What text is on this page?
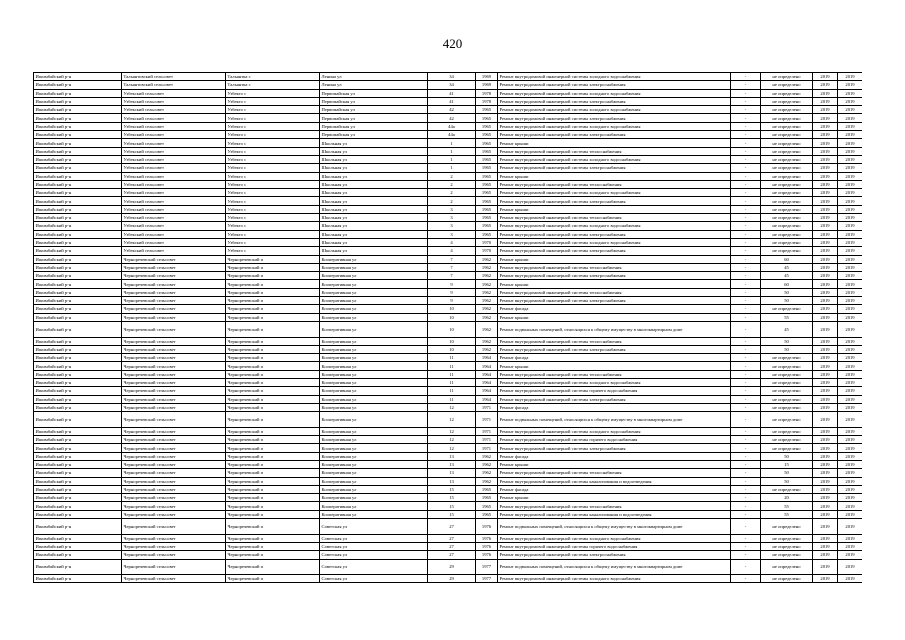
420
Ишимбайский р-н	Тальянтовский сельсовет	Тальянтка с	Ленина ул	34	1969	Ремонт внутридомовой инженерной системы холодного водоснабжения	-	не определено	2019	2019
Ишимбайский р-н	Тальянтовский сельсовет	Тальянтка с	Ленина ул	34	1969	Ремонт внутридомовой инженерной системы электроснабжения	-	не определено	2019	2019
Ишимбайский р-н	Узбекский сельсовет	Узбекто с	Первомайская ул	41	1978	Ремонт внутридомовой инженерной системы холодного водоснабжения	-	не определено	2019	2019
Ишимбайский р-н	Узбекский сельсовет	Узбекто с	Первомайская ул	41	1978	Ремонт внутридомовой инженерной системы электроснабжения	-	не определено	2019	2019
Ишимбайский р-н	Узбекский сельсовет	Узбекто с	Первомайская ул	42	1965	Ремонт внутридомовой инженерной системы холодного водоснабжения	-	не определено	2019	2019
Ишимбайский р-н	Узбекский сельсовет	Узбекто с	Первомайская ул	42	1965	Ремонт внутридомовой инженерной системы электроснабжения	-	не определено	2019	2019
Ишимбайский р-н	Узбекский сельсовет	Узбекто с	Первомайская ул	44а	1965	Ремонт внутридомовой инженерной системы холодного водоснабжения	-	не определено	2019	2019
Ишимбайский р-н	Узбекский сельсовет	Узбекто с	Первомайская ул	44а	1965	Ремонт внутридомовой инженерной системы электроснабжения	-	не определено	2019	2019
Ишимбайский р-н	Узбекский сельсовет	Узбекто с	Школьная ул	1	1965	Ремонт крыши	-	не определено	2019	2019
Ишимбайский р-н	Узбекский сельсовет	Узбекто с	Школьная ул	1	1965	Ремонт внутридомовой инженерной системы теплоснабжения	-	не определено	2019	2019
Ишимбайский р-н	Узбекский сельсовет	Узбекто с	Школьная ул	1	1965	Ремонт внутридомовой инженерной системы холодного водоснабжения	-	не определено	2019	2019
Ишимбайский р-н	Узбекский сельсовет	Узбекто с	Школьная ул	1	1965	Ремонт внутридомовой инженерной системы электроснабжения	-	не определено	2019	2019
Ишимбайский р-н	Узбекский сельсовет	Узбекто с	Школьная ул	2	1965	Ремонт крыши	-	не определено	2019	2019
Ишимбайский р-н	Узбекский сельсовет	Узбекто с	Школьная ул	2	1965	Ремонт внутридомовой инженерной системы теплоснабжения	-	не определено	2019	2019
Ишимбайский р-н	Узбекский сельсовет	Узбекто с	Школьная ул	2	1965	Ремонт внутридомовой инженерной системы холодного водоснабжения	-	не определено	2019	2019
Ишимбайский р-н	Узбекский сельсовет	Узбекто с	Школьная ул	2	1965	Ремонт внутридомовой инженерной системы электроснабжения	-	не определено	2019	2019
Ишимбайский р-н	Узбекский сельсовет	Узбекто с	Школьная ул	3	1965	Ремонт крыши	-	не определено	2019	2019
Ишимбайский р-н	Узбекский сельсовет	Узбекто с	Школьная ул	3	1965	Ремонт внутридомовой инженерной системы теплоснабжения	-	не определено	2019	2019
Ишимбайский р-н	Узбекский сельсовет	Узбекто с	Школьная ул	3	1965	Ремонт внутридомовой инженерной системы холодного водоснабжения	-	не определено	2019	2019
Ишимбайский р-н	Узбекский сельсовет	Узбекто с	Школьная ул	3	1965	Ремонт внутридомовой инженерной системы электроснабжения	-	не определено	2019	2019
Ишимбайский р-н	Узбекский сельсовет	Узбекто с	Школьная ул	4	1970	Ремонт внутридомовой инженерной системы холодного водоснабжения	-	не определено	2019	2019
Ишимбайский р-н	Узбекский сельсовет	Узбекто с	Школьная ул	4	1970	Ремонт внутридомовой инженерной системы электроснабжения	-	не определено	2019	2019
Ишимбайский р-н	Черноречевский сельсовет	Черноречевский п	Кооперативная ул	7	1962	Ремонт крыши	-	60	2019	2019
Ишимбайский р-н	Черноречевский сельсовет	Черноречевский п	Кооперативная ул	7	1962	Ремонт внутридомовой инженерной системы теплоснабжения	-	45	2019	2019
Ишимбайский р-н	Черноречевский сельсовет	Черноречевский п	Кооперативная ул	7	1962	Ремонт внутридомовой инженерной системы электроснабжения	-	45	2019	2019
Ишимбайский р-н	Черноречевский сельсовет	Черноречевский п	Кооперативная ул	9	1962	Ремонт крыши	-	60	2019	2019
Ишимбайский р-н	Черноречевский сельсовет	Черноречевский п	Кооперативная ул	9	1962	Ремонт внутридомовой инженерной системы теплоснабжения	-	50	2019	2019
Ишимбайский р-н	Черноречевский сельсовет	Черноречевский п	Кооперативная ул	9	1962	Ремонт внутридомовой инженерной системы электроснабжения	-	50	2019	2019
Ишимбайский р-н	Черноречевский сельсовет	Черноречевский п	Кооперативная ул	10	1962	Ремонт фасада	-	не определено	2019	2019
Ишимбайский р-н	Черноречевский сельсовет	Черноречевский п	Кооперативная ул	10	1962	Ремонт крыши	-	55	2019	2019
Ишимбайский р-н	Черноречевский сельсовет	Черноречевский п	Кооперативная ул	10	1962	Ремонт подвальных помещений, относящихся к общему имуществу в многоквартирном доме	-	45	2019	2019
Ишимбайский р-н	Черноречевский сельсовет	Черноречевский п	Кооперативная ул	10	1962	Ремонт внутридомовой инженерной системы теплоснабжения	-	50	2019	2019
Ишимбайский р-н	Черноречевский сельсовет	Черноречевский п	Кооперативная ул	10	1962	Ремонт внутридомовой инженерной системы электроснабжения	-	50	2019	2019
Ишимбайский р-н	Черноречевский сельсовет	Черноречевский п	Кооперативная ул	11	1964	Ремонт фасада	-	не определено	2019	2019
Ишимбайский р-н	Черноречевский сельсовет	Черноречевский п	Кооперативная ул	11	1964	Ремонт крыши	-	не определено	2019	2019
Ишимбайский р-н	Черноречевский сельсовет	Черноречевский п	Кооперативная ул	11	1964	Ремонт внутридомовой инженерной системы теплоснабжения	-	не определено	2019	2019
Ишимбайский р-н	Черноречевский сельсовет	Черноречевский п	Кооперативная ул	11	1964	Ремонт внутридомовой инженерной системы холодного водоснабжения	-	не определено	2019	2019
Ишимбайский р-н	Черноречевский сельсовет	Черноречевский п	Кооперативная ул	11	1964	Ремонт внутридомовой инженерной системы горячего водоснабжения	-	не определено	2019	2019
Ишимбайский р-н	Черноречевский сельсовет	Черноречевский п	Кооперативная ул	11	1964	Ремонт внутридомовой инженерной системы электроснабжения	-	не определено	2019	2019
Ишимбайский р-н	Черноречевский сельсовет	Черноречевский п	Кооперативная ул	12	1971	Ремонт фасада	-	не определено	2019	2019
Ишимбайский р-н	Черноречевский сельсовет	Черноречевский п	Кооперативная ул	12	1971	Ремонт подвальных помещений, относящихся к общему имуществу в многоквартирном доме	-	не определено	2019	2019
Ишимбайский р-н	Черноречевский сельсовет	Черноречевский п	Кооперативная ул	12	1971	Ремонт внутридомовой инженерной системы холодного водоснабжения	-	не определено	2019	2019
Ишимбайский р-н	Черноречевский сельсовет	Черноречевский п	Кооперативная ул	12	1971	Ремонт внутридомовой инженерной системы горячего водоснабжения	-	не определено	2019	2019
Ишимбайский р-н	Черноречевский сельсовет	Черноречевский п	Кооперативная ул	12	1971	Ремонт внутридомовой инженерной системы электроснабжения	-	не определено	2019	2019
Ишимбайский р-н	Черноречевский сельсовет	Черноречевский п	Кооперативная ул	13	1962	Ремонт фасада	-	50	2019	2019
Ишимбайский р-н	Черноречевский сельсовет	Черноречевский п	Кооперативная ул	13	1962	Ремонт крыши	-	15	2019	2019
Ишимбайский р-н	Черноречевский сельсовет	Черноречевский п	Кооперативная ул	13	1962	Ремонт внутридомовой инженерной системы теплоснабжения	-	50	2019	2019
Ишимбайский р-н	Черноречевский сельсовет	Черноречевский п	Кооперативная ул	13	1962	Ремонт внутридомовой инженерной системы канализования и водоотведения	-	50	2019	2019
Ишимбайский р-н	Черноречевский сельсовет	Черноречевский п	Кооперативная ул	15	1965	Ремонт фасада	-	не определено	2019	2019
Ишимбайский р-н	Черноречевский сельсовет	Черноречевский п	Кооперативная ул	15	1965	Ремонт крыши	-	20	2019	2019
Ишимбайский р-н	Черноречевский сельсовет	Черноречевский п	Кооперативная ул	15	1965	Ремонт внутридомовой инженерной системы теплоснабжения	-	55	2019	2019
Ишимбайский р-н	Черноречевский сельсовет	Черноречевский п	Кооперативная ул	15	1965	Ремонт внутридомовой инженерной системы канализования и водоотведения	-	55	2019	2019
Ишимбайский р-н	Черноречевский сельсовет	Черноречевский п	Советская ул	27	1976	Ремонт подвальных помещений, относящихся к общему имуществу в многоквартирном доме	-	не определено	2019	2019
Ишимбайский р-н	Черноречевский сельсовет	Черноречевский п	Советская ул	27	1976	Ремонт внутридомовой инженерной системы холодного водоснабжения	-	не определено	2019	2019
Ишимбайский р-н	Черноречевский сельсовет	Черноречевский п	Советская ул	27	1976	Ремонт внутридомовой инженерной системы горячего водоснабжения	-	не определено	2019	2019
Ишимбайский р-н	Черноречевский сельсовет	Черноречевский п	Советская ул	27	1976	Ремонт внутридомовой инженерной системы электроснабжения	-	не определено	2019	2019
Ишимбайский р-н	Черноречевский сельсовет	Черноречевский п	Советская ул	29	1977	Ремонт подвальных помещений, относящихся к общему имуществу в многоквартирном доме	-	не определено	2019	2019
Ишимбайский р-н	Черноречевский сельсовет	Черноречевский п	Советская ул	29	1977	Ремонт внутридомовой инженерной системы холодного водоснабжения	-	не определено	2019	2019
